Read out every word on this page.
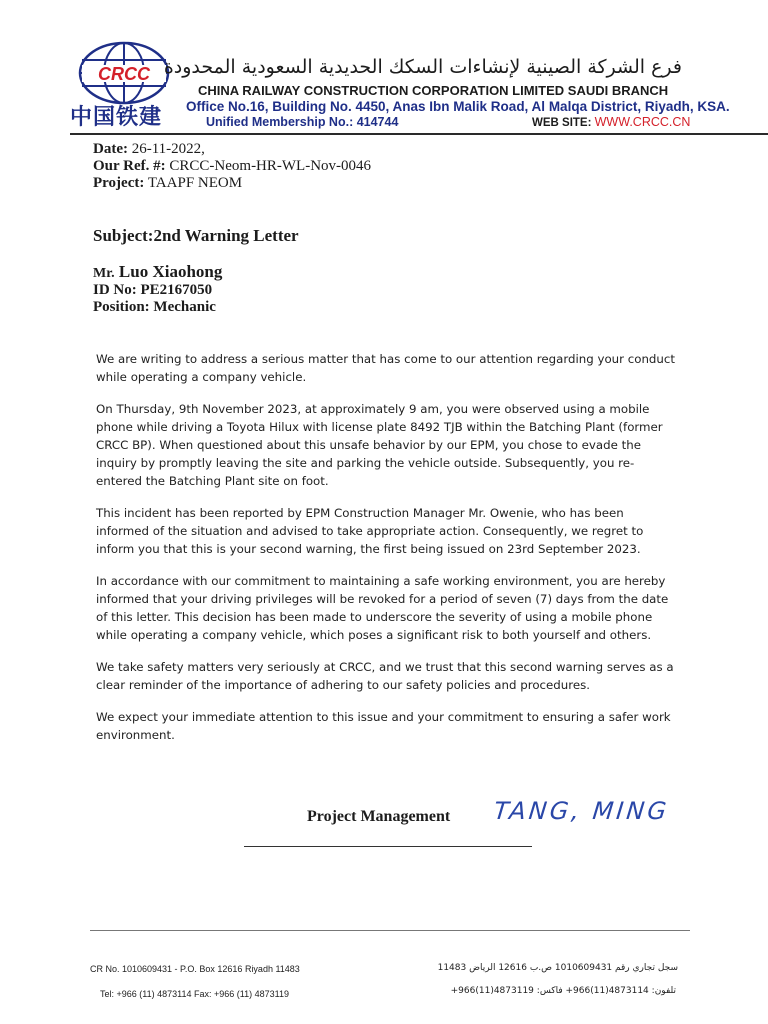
CRCC

中国铁建

فرع الشركة الصينية لإنشاءات السكك الحديدية السعودية المحدودة
CHINA RAILWAY CONSTRUCTION CORPORATION LIMITED SAUDI BRANCH
Office No.16, Building No. 4450, Anas Ibn Malik Road, Al Malqa District, Riyadh, KSA.
Unified Membership No.: 414744	WEB SITE: WWW.CRCC.CN
Date: 26-11-2022,
Our Ref. #: CRCC-Neom-HR-WL-Nov-0046
Project: TAAPF NEOM
Subject:2nd Warning Letter
Mr. Luo Xiaohong
ID No: PE2167050
Position: Mechanic

We are writing to address a serious matter that has come to our attention regarding your conduct while operating a company vehicle.

On Thursday, 9th November 2023, at approximately 9 am, you were observed using a mobile phone while driving a Toyota Hilux with license plate 8492 TJB within the Batching Plant (former CRCC BP). When questioned about this unsafe behavior by our EPM, you chose to evade the inquiry by promptly leaving the site and parking the vehicle outside. Subsequently, you re-entered the Batching Plant site on foot.

This incident has been reported by EPM Construction Manager Mr. Owenie, who has been informed of the situation and advised to take appropriate action. Consequently, we regret to inform you that this is your second warning, the first being issued on 23rd September 2023.

In accordance with our commitment to maintaining a safe working environment, you are hereby informed that your driving privileges will be revoked for a period of seven (7) days from the date of this letter. This decision has been made to underscore the severity of using a mobile phone while operating a company vehicle, which poses a significant risk to both yourself and others.

We take safety matters very seriously at CRCC, and we trust that this second warning serves as a clear reminder of the importance of adhering to our safety policies and procedures.

We expect your immediate attention to this issue and your commitment to ensuring a safer work environment.

Project Management TANG, MING
CR No. 1010609431 - P.O. Box 12616 Riyadh 11483
Tel: +966 (11) 4873114 Fax: +966 (11) 4873119
سجل تجاري رقم 1010609431 ص.ب 12616 الرياض 11483
تلفون: 4873114(11)966+ فاكس: 4873119(11)966+
